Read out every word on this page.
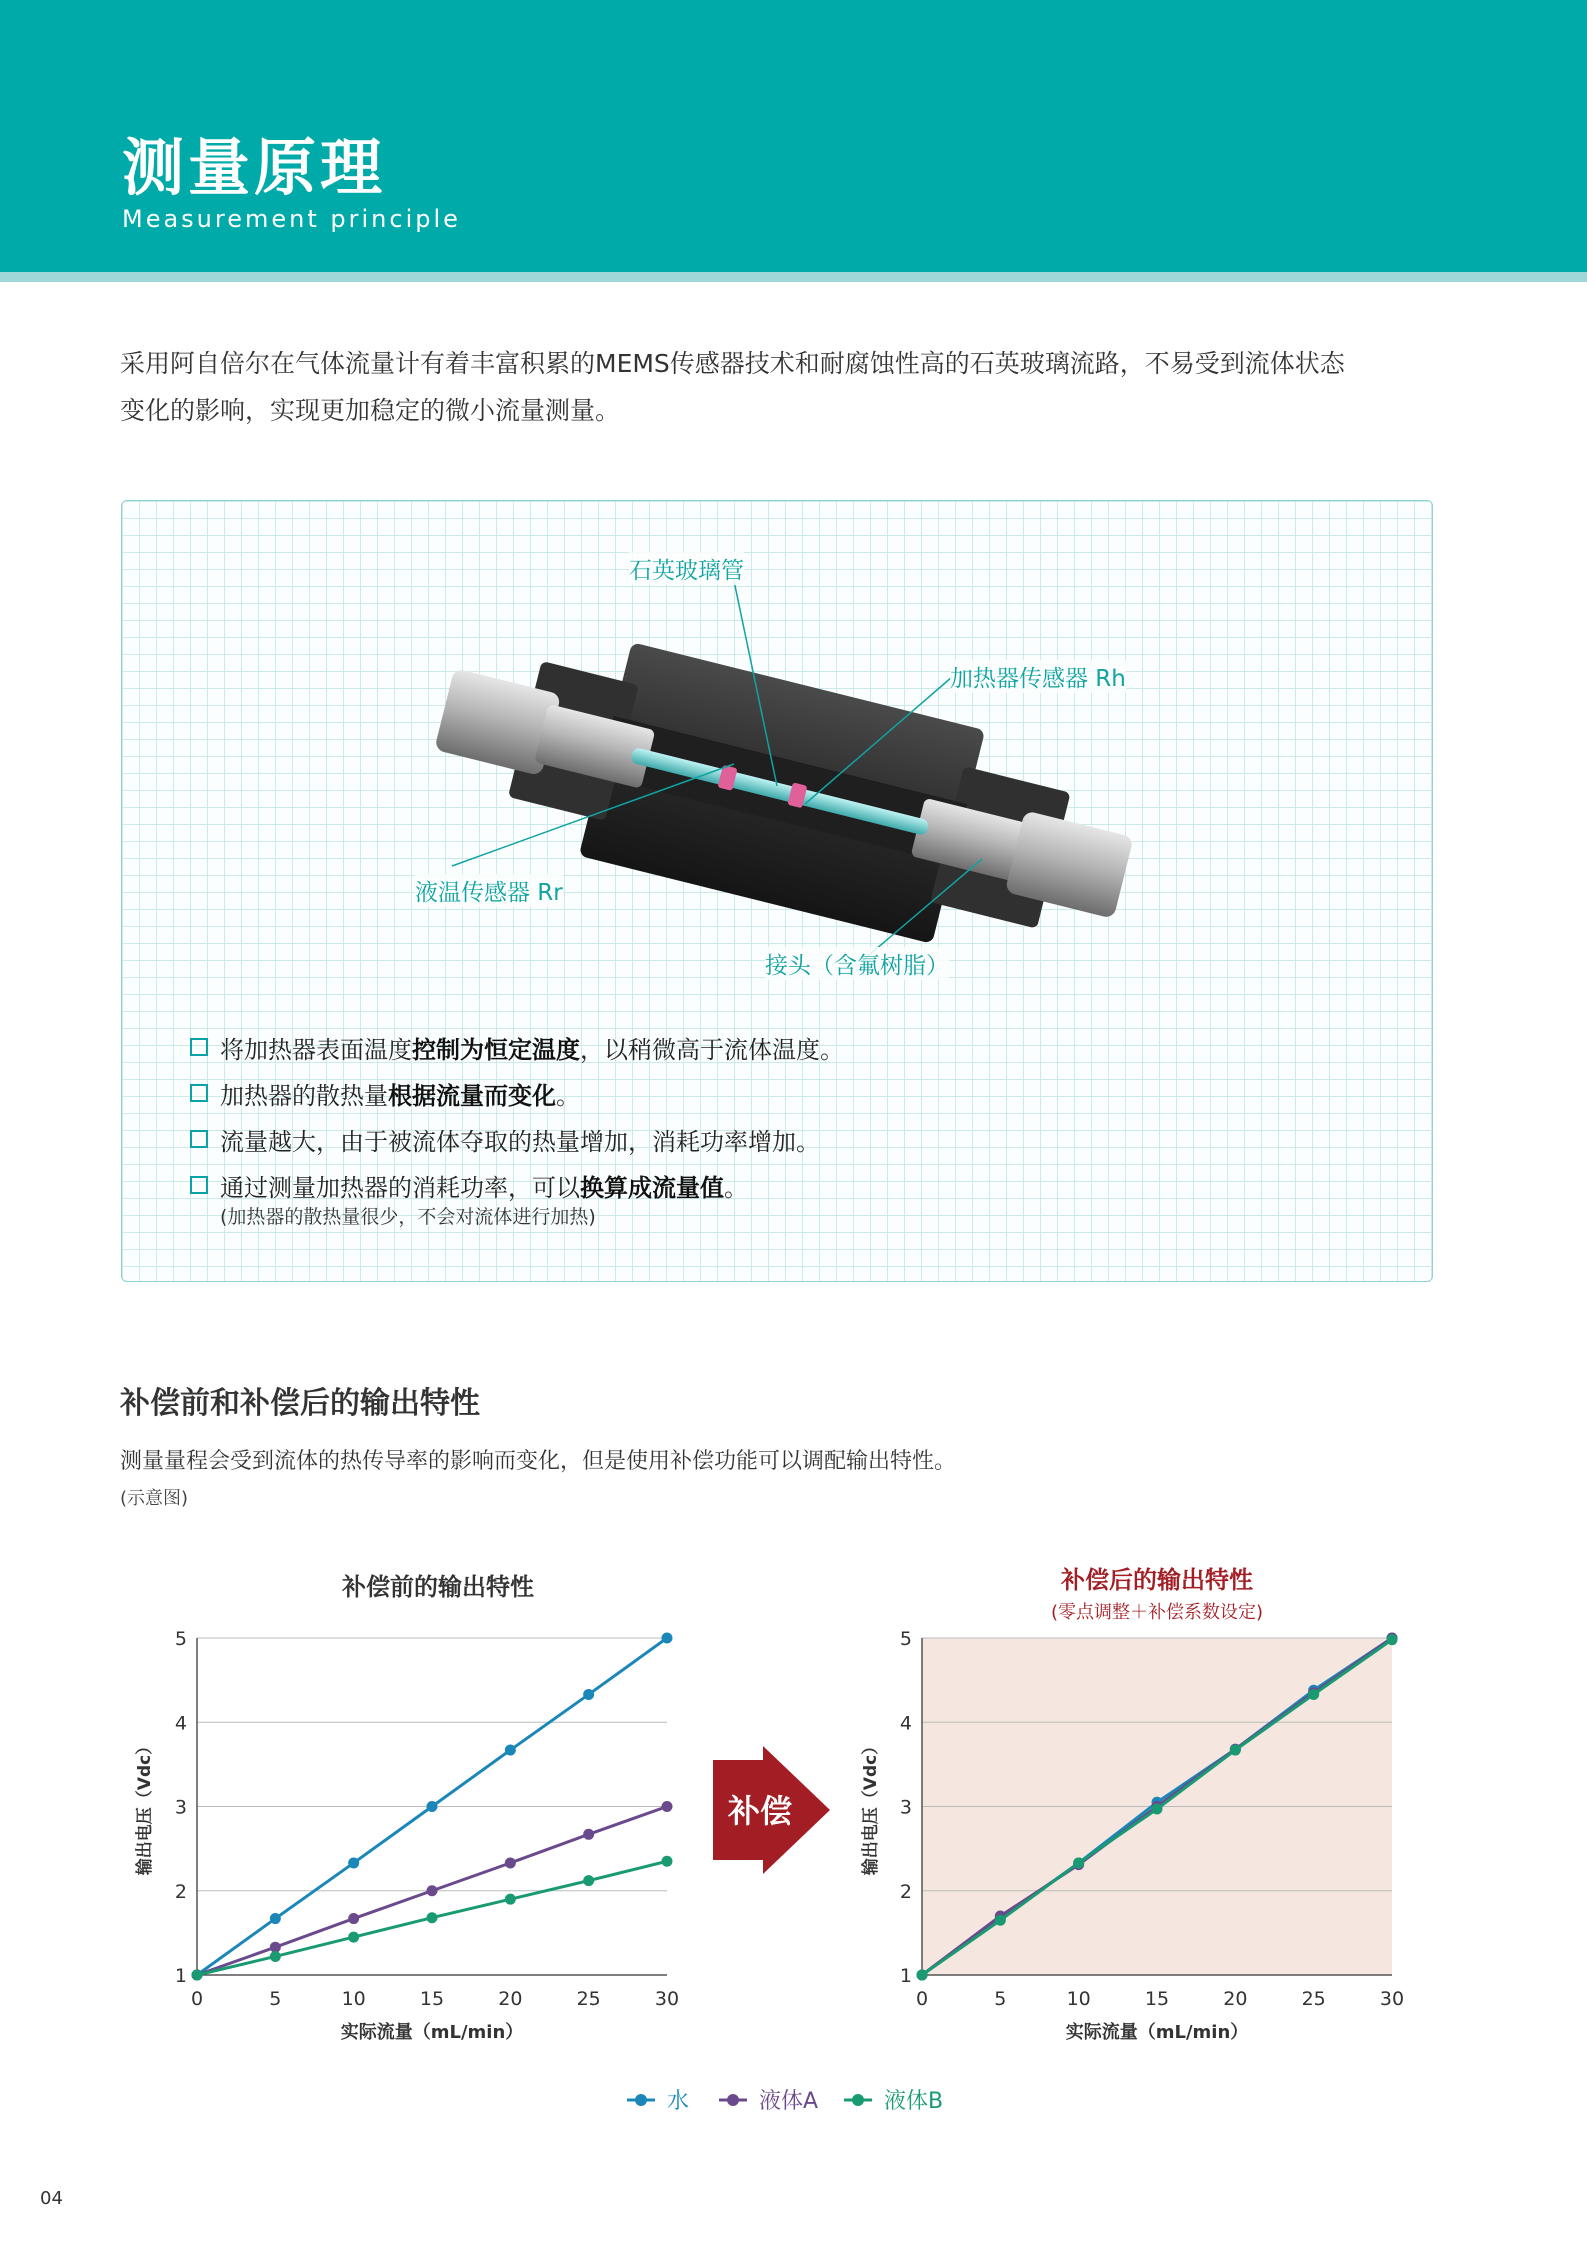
测量原理
Measurement principle
采用阿自倍尔在气体流量计有着丰富积累的MEMS传感器技术和耐腐蚀性高的石英玻璃流路，不易受到流体状态
变化的影响，实现更加稳定的微小流量测量。
石英玻璃管
加热器传感器 Rh
液温传感器 Rr
接头（含氟树脂）
将加热器表面温度 控制为恒定温度 ，以稍微高于流体温度。
加热器的散热量 根据流量而变化 。
流量越大，由于被流体夺取的热量增加，消耗功率增加。
通过测量加热器的消耗功率，可以 换算成流量值 。
(加热器的散热量很少，不会对流体进行加热)
补偿前和补偿后的输出特性
测量量程会受到流体的热传导率的影响而变化，但是使用补偿功能可以调配输出特性。
(示意图)
补偿前的输出特性	补偿后的输出特性
(零点调整＋补偿系数设定)
补偿
水	液体A	液体B
1
2
3
4
5
0	5	10	15	20	25	30
实际流量（mL/min）
输出电压（Vdc）
1
2
3
4
5
0	5	10	15	20	25	30
实际流量（mL/min）
输出电压（Vdc）
04
